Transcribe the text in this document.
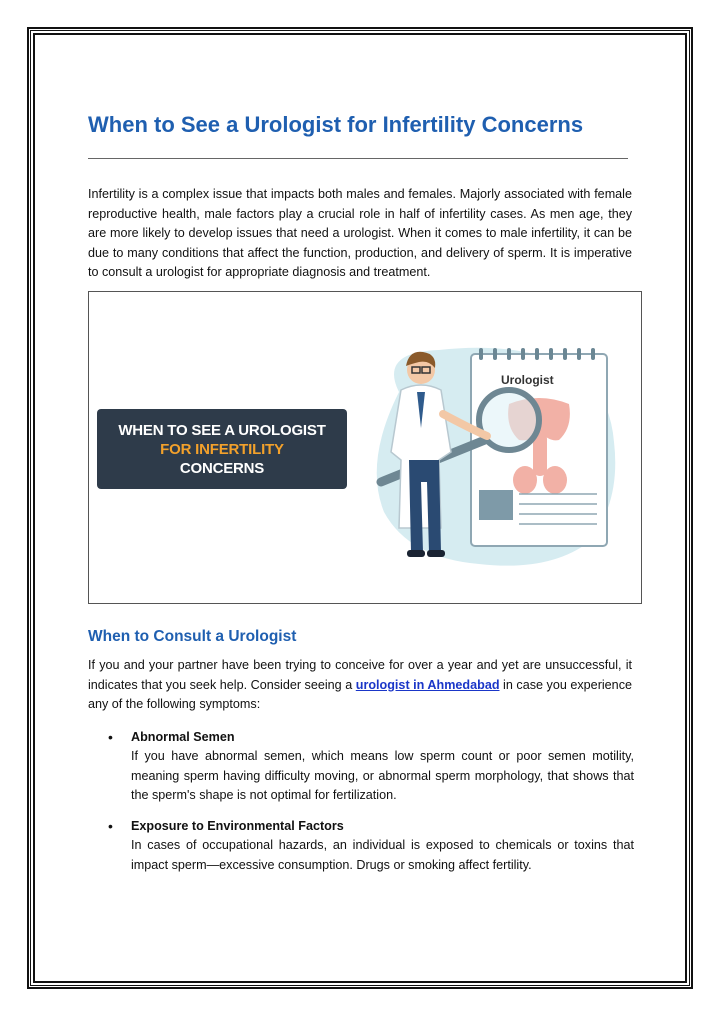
When to See a Urologist for Infertility Concerns

Infertility is a complex issue that impacts both males and females. Majorly associated with female reproductive health, male factors play a crucial role in half of infertility cases. As men age, they are more likely to develop issues that need a urologist. When it comes to male infertility, it can be due to many conditions that affect the function, production, and delivery of sperm. It is imperative to consult a urologist for appropriate diagnosis and treatment.

WHEN TO SEE A UROLOGIST
FOR INFERTILITY
CONCERNS
Urologist
When to Consult a Urologist

If you and your partner have been trying to conceive for over a year and yet are unsuccessful, it indicates that you seek help. Consider seeing a urologist in Ahmedabad in case you experience any of the following symptoms:

• Abnormal Semen

If you have abnormal semen, which means low sperm count or poor semen motility, meaning sperm having difficulty moving, or abnormal sperm morphology, that shows that the sperm's shape is not optimal for fertilization.

• Exposure to Environmental Factors

In cases of occupational hazards, an individual is exposed to chemicals or toxins that impact sperm—excessive consumption. Drugs or smoking affect fertility.
